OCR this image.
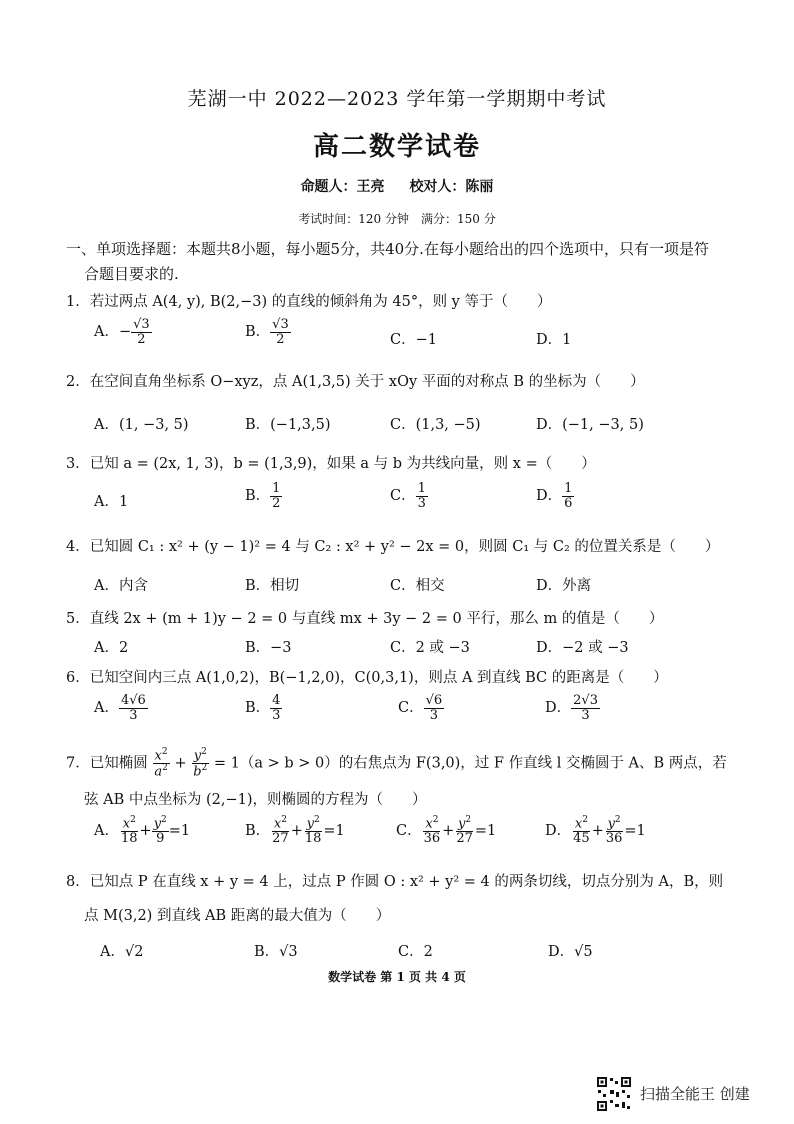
芜湖一中 2022—2023 学年第一学期期中考试
高二数学试卷
命题人：王亮 校对人：陈丽
考试时间：120 分钟　满分：150 分
一、单项选择题：本题共8小题，每小题5分，共40分.在每小题给出的四个选项中，只有一项是符
合题目要求的.
1．若过两点 A(4, y), B(2,−3) 的直线的倾斜角为 45°，则 y 等于（　　）
A．− $\frac{√3}{2}$	B． $\frac{√3}{2}$	C．−1	D．1
2．在空间直角坐标系 O−xyz，点 A(1,3,5) 关于 xOy 平面的对称点 B 的坐标为（　　）
A．(1, −3, 5)	B．(−1,3,5)	C．(1,3, −5)	D．(−1, −3, 5)
3．已知 a = (2x, 1, 3)，b = (1,3,9)，如果 a 与 b 为共线向量，则 x =（　　）
A．1	B． $\frac{1}{2}$	C． $\frac{1}{3}$	D． $\frac{1}{6}$
4．已知圆 C₁ : x² + (y − 1)² = 4 与 C₂ : x² + y² − 2x = 0，则圆 C₁ 与 C₂ 的位置关系是（　　）
A．内含	B．相切	C．相交	D．外离
5．直线 2x + (m + 1)y − 2 = 0 与直线 mx + 3y − 2 = 0 平行，那么 m 的值是（　　）
A．2	B．−3	C．2 或 −3	D．−2 或 −3
6．已知空间内三点 A(1,0,2)，B(−1,2,0)，C(0,3,1)，则点 A 到直线 BC 的距离是（　　）
A． $\frac{4√6}{3}$	B． $\frac{4}{3}$	C． $\frac{√6}{3}$	D． $\frac{2√3}{3}$
7．已知椭圆 $\frac{x^2}{a^2} + \frac{y^2}{b^2} = 1(a > b > 0)$的右焦点为 F(3,0)，过 F 作直线 l 交椭圆于 A、B 两点，若
弦 AB 中点坐标为 (2,−1)，则椭圆的方程为（　　）
A． $\frac{x^2}{18} + \frac{y^2}{9} =1$	B． $\frac{x^2}{27} + \frac{y^2}{18} =1$	C． $\frac{x^2}{36} + \frac{y^2}{27} =1$	D． $\frac{x^2}{45} + \frac{y^2}{36} =1$
8．已知点 P 在直线 x + y = 4 上，过点 P 作圆 O : x² + y² = 4 的两条切线，切点分别为 A，B，则
点 M(3,2) 到直线 AB 距离的最大值为（　　）
A．√2	B．√3	C．2	D．√5
数学试卷 第 1 页 共 4 页
扫描全能王 创建
